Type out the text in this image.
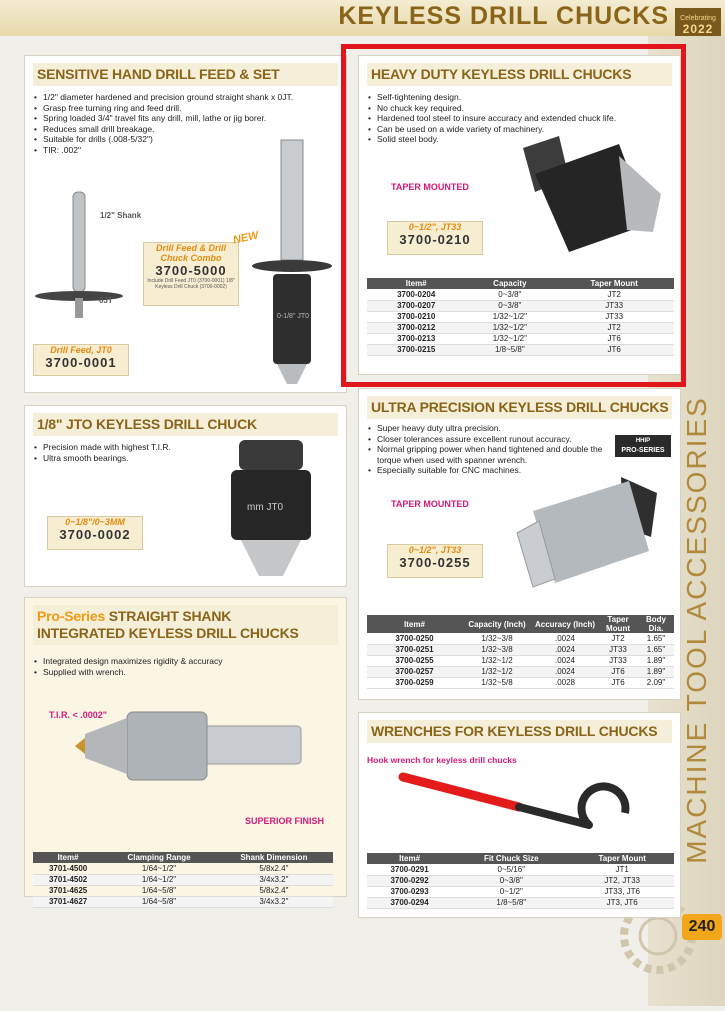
KEYLESS DRILL CHUCKS	Celebrating
2022
MACHINE TOOL ACCESSORIES
240
SENSITIVE HAND DRILL FEED & SET
• 1/2" diameter hardened and precision ground straight shank x 0JT.
• Grasp free turning ring and feed drill.
• Spring loaded 3/4" travel fits any drill, mill, lathe or jig borer.
• Reduces small drill breakage.
• Suitable for drills (.008-5/32")
• TIR: .002"
1/2" Shank
0JT
Drill Feed, JT0
3700-0001
Drill Feed & Drill Chuck Combo
3700-5000
Include Drill Feed JT0 (3700-0001) 1/8" Keyless Drill Chuck (3700-0002)
NEW
0-1/8" JT0
1/8" JTO KEYLESS DRILL CHUCK
• Precision made with highest T.I.R.
• Ultra smooth bearings.
0~1/8"/0~3MM
3700-0002
mm JT0
Pro-Series STRAIGHT SHANK
INTEGRATED KEYLESS DRILL CHUCKS
• Integrated design maximizes rigidity & accuracy
• Supplied with wrench.
T.I.R. < .0002"
SUPERIOR FINISH
Item#	Clamping Range	Shank Dimension
3701-4500	1/64~1/2"	5/8x2.4"
3701-4502	1/64~1/2"	3/4x3.2"
3701-4625	1/64~5/8"	5/8x2.4"
3701-4627	1/64~5/8"	3/4x3.2"
HEAVY DUTY KEYLESS DRILL CHUCKS
• Self-tightening design.
• No chuck key required.
• Hardened tool steel to insure accuracy and extended chuck life.
• Can be used on a wide variety of machinery.
• Solid steel body.
TAPER MOUNTED
0~1/2", JT33
3700-0210
Item#	Capacity	Taper Mount
3700-0204	0~3/8"	JT2
3700-0207	0~3/8"	JT33
3700-0210	1/32~1/2"	JT33
3700-0212	1/32~1/2"	JT2
3700-0213	1/32~1/2"	JT6
3700-0215	1/8~5/8"	JT6
ULTRA PRECISION KEYLESS DRILL CHUCKS
• Super heavy duty ultra precision.
• Closer tolerances assure excellent runout accuracy.
• Normal gripping power when hand tightened and double the torque when used with spanner wrench.
• Especially suitable for CNC machines.
HHIP
PRO-SERIES
TAPER MOUNTED
0~1/2", JT33
3700-0255
Item#	Capacity (Inch)	Accuracy (Inch)	Taper Mount	Body Dia.
3700-0250	1/32~3/8	.0024	JT2	1.65"
3700-0251	1/32~3/8	.0024	JT33	1.65"
3700-0255	1/32~1/2	.0024	JT33	1.89"
3700-0257	1/32~1/2	.0024	JT6	1.89"
3700-0259	1/32~5/8	.0028	JT6	2.09"
WRENCHES FOR KEYLESS DRILL CHUCKS
Hook wrench for keyless drill chucks
Item#	Fit Chuck Size	Taper Mount
3700-0291	0~5/16"	JT1
3700-0292	0~3/8"	JT2, JT33
3700-0293	0~1/2"	JT33, JT6
3700-0294	1/8~5/8"	JT3, JT6
